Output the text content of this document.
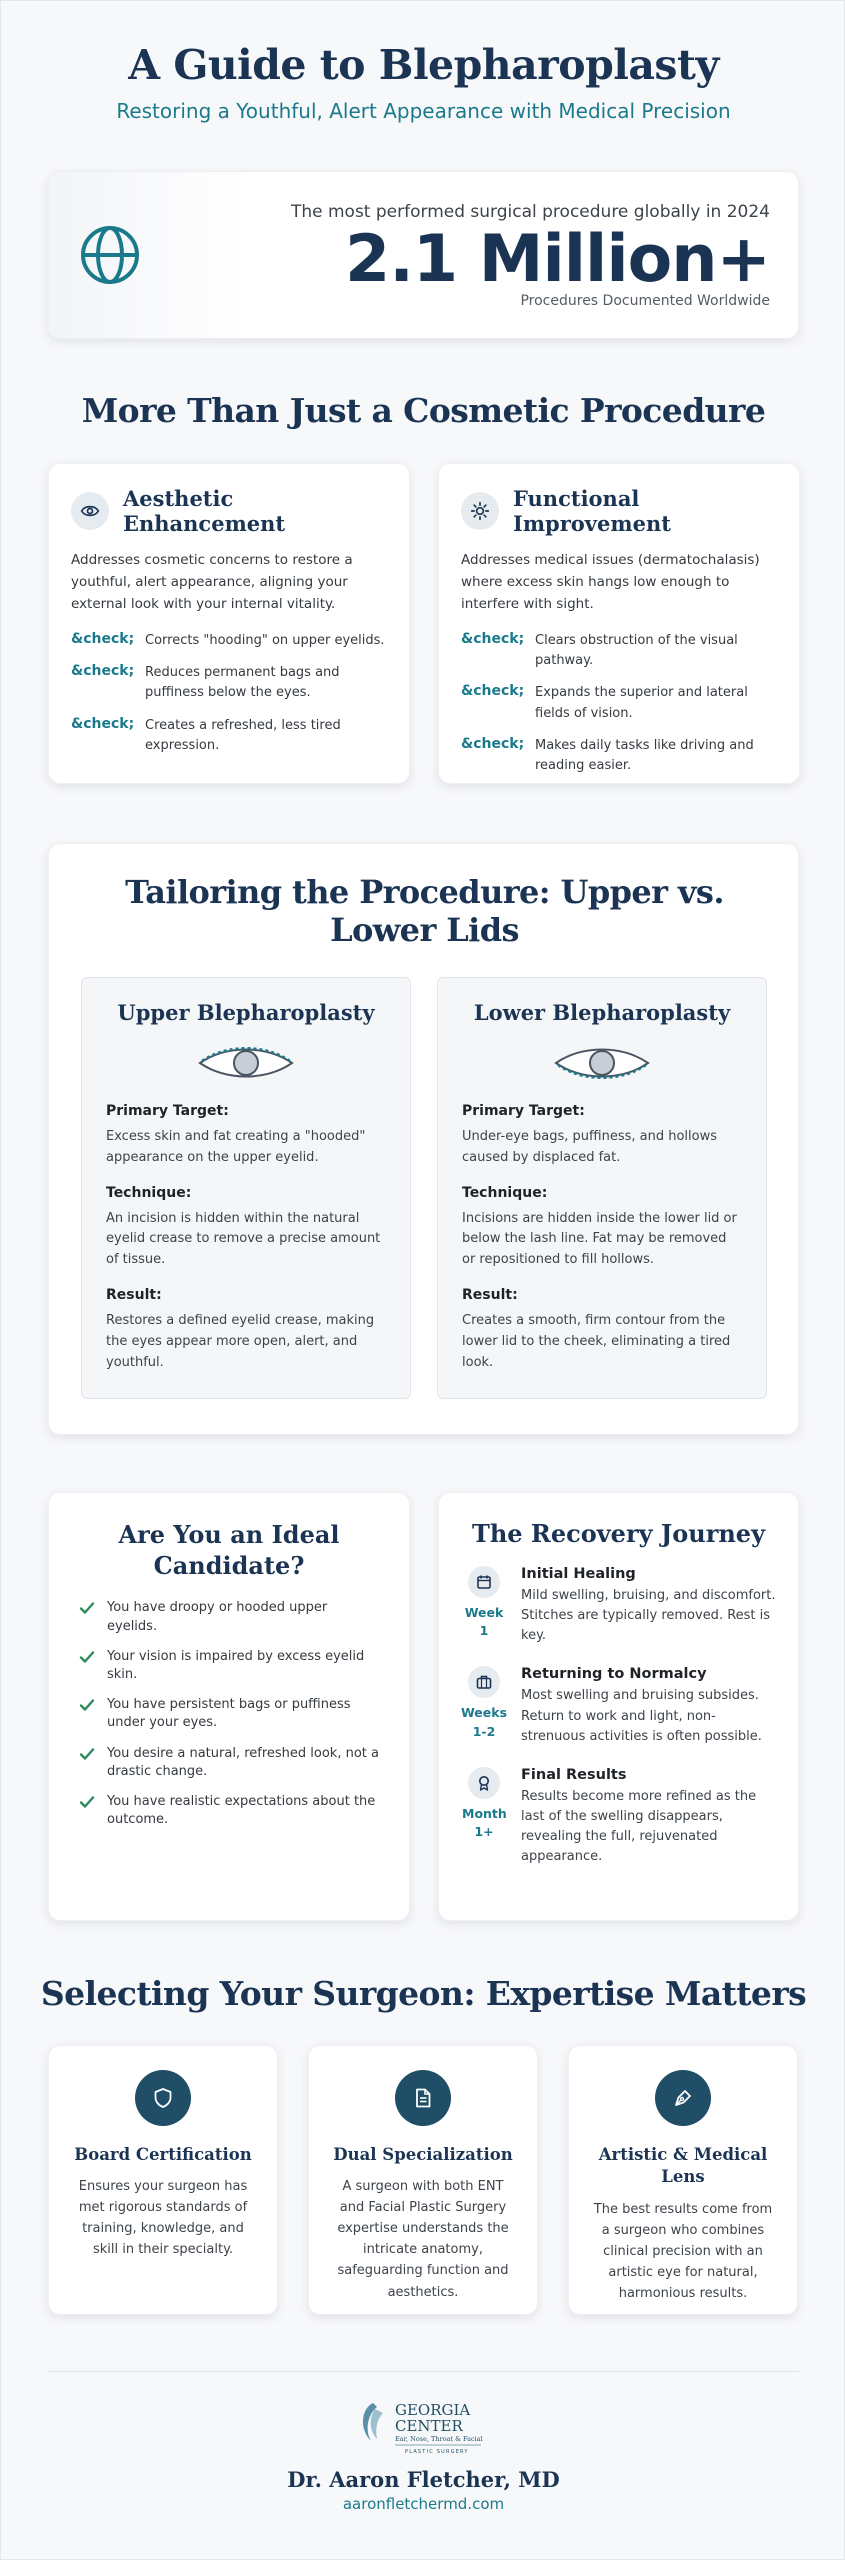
A Guide to Blepharoplasty
Restoring a Youthful, Alert Appearance with Medical Precision
The most performed surgical procedure globally in 2024
2.1 Million+
Procedures Documented Worldwide
More Than Just a Cosmetic Procedure
Aesthetic Enhancement
Addresses cosmetic concerns to restore a youthful, alert appearance, aligning your external look with your internal vitality.
&check; Corrects "hooding" on upper eyelids.
&check; Reduces permanent bags and puffiness below the eyes.
&check; Creates a refreshed, less tired expression.
Functional Improvement
Addresses medical issues (dermatochalasis) where excess skin hangs low enough to interfere with sight.
&check; Clears obstruction of the visual pathway.
&check; Expands the superior and lateral fields of vision.
&check; Makes daily tasks like driving and reading easier.
Tailoring the Procedure: Upper vs. Lower Lids
Upper Blepharoplasty
Primary Target:
Excess skin and fat creating a "hooded" appearance on the upper eyelid.
Technique:
An incision is hidden within the natural eyelid crease to remove a precise amount of tissue.
Result:
Restores a defined eyelid crease, making the eyes appear more open, alert, and youthful.
Lower Blepharoplasty
Primary Target:
Under-eye bags, puffiness, and hollows caused by displaced fat.
Technique:
Incisions are hidden inside the lower lid or below the lash line. Fat may be removed or repositioned to fill hollows.
Result:
Creates a smooth, firm contour from the lower lid to the cheek, eliminating a tired look.
Are You an Ideal Candidate?
You have droopy or hooded upper eyelids.
Your vision is impaired by excess eyelid skin.
You have persistent bags or puffiness under your eyes.
You desire a natural, refreshed look, not a drastic change.
You have realistic expectations about the outcome.
The Recovery Journey
Week 1
Initial Healing
Mild swelling, bruising, and discomfort. Stitches are typically removed. Rest is key.
Weeks 1-2
Returning to Normalcy
Most swelling and bruising subsides. Return to work and light, non-strenuous activities is often possible.
Month 1+
Final Results
Results become more refined as the last of the swelling disappears, revealing the full, rejuvenated appearance.
Selecting Your Surgeon: Expertise Matters
Board Certification
Ensures your surgeon has met rigorous standards of training, knowledge, and skill in their specialty.
Dual Specialization
A surgeon with both ENT and Facial Plastic Surgery expertise understands the intricate anatomy, safeguarding function and aesthetics.
Artistic & Medical Lens
The best results come from a surgeon who combines clinical precision with an artistic eye for natural, harmonious results.
GEORGIA
CENTER
Ear, Nose, Throat & Facial
PLASTIC SURGERY
Dr. Aaron Fletcher, MD
aaronfletchermd.com
